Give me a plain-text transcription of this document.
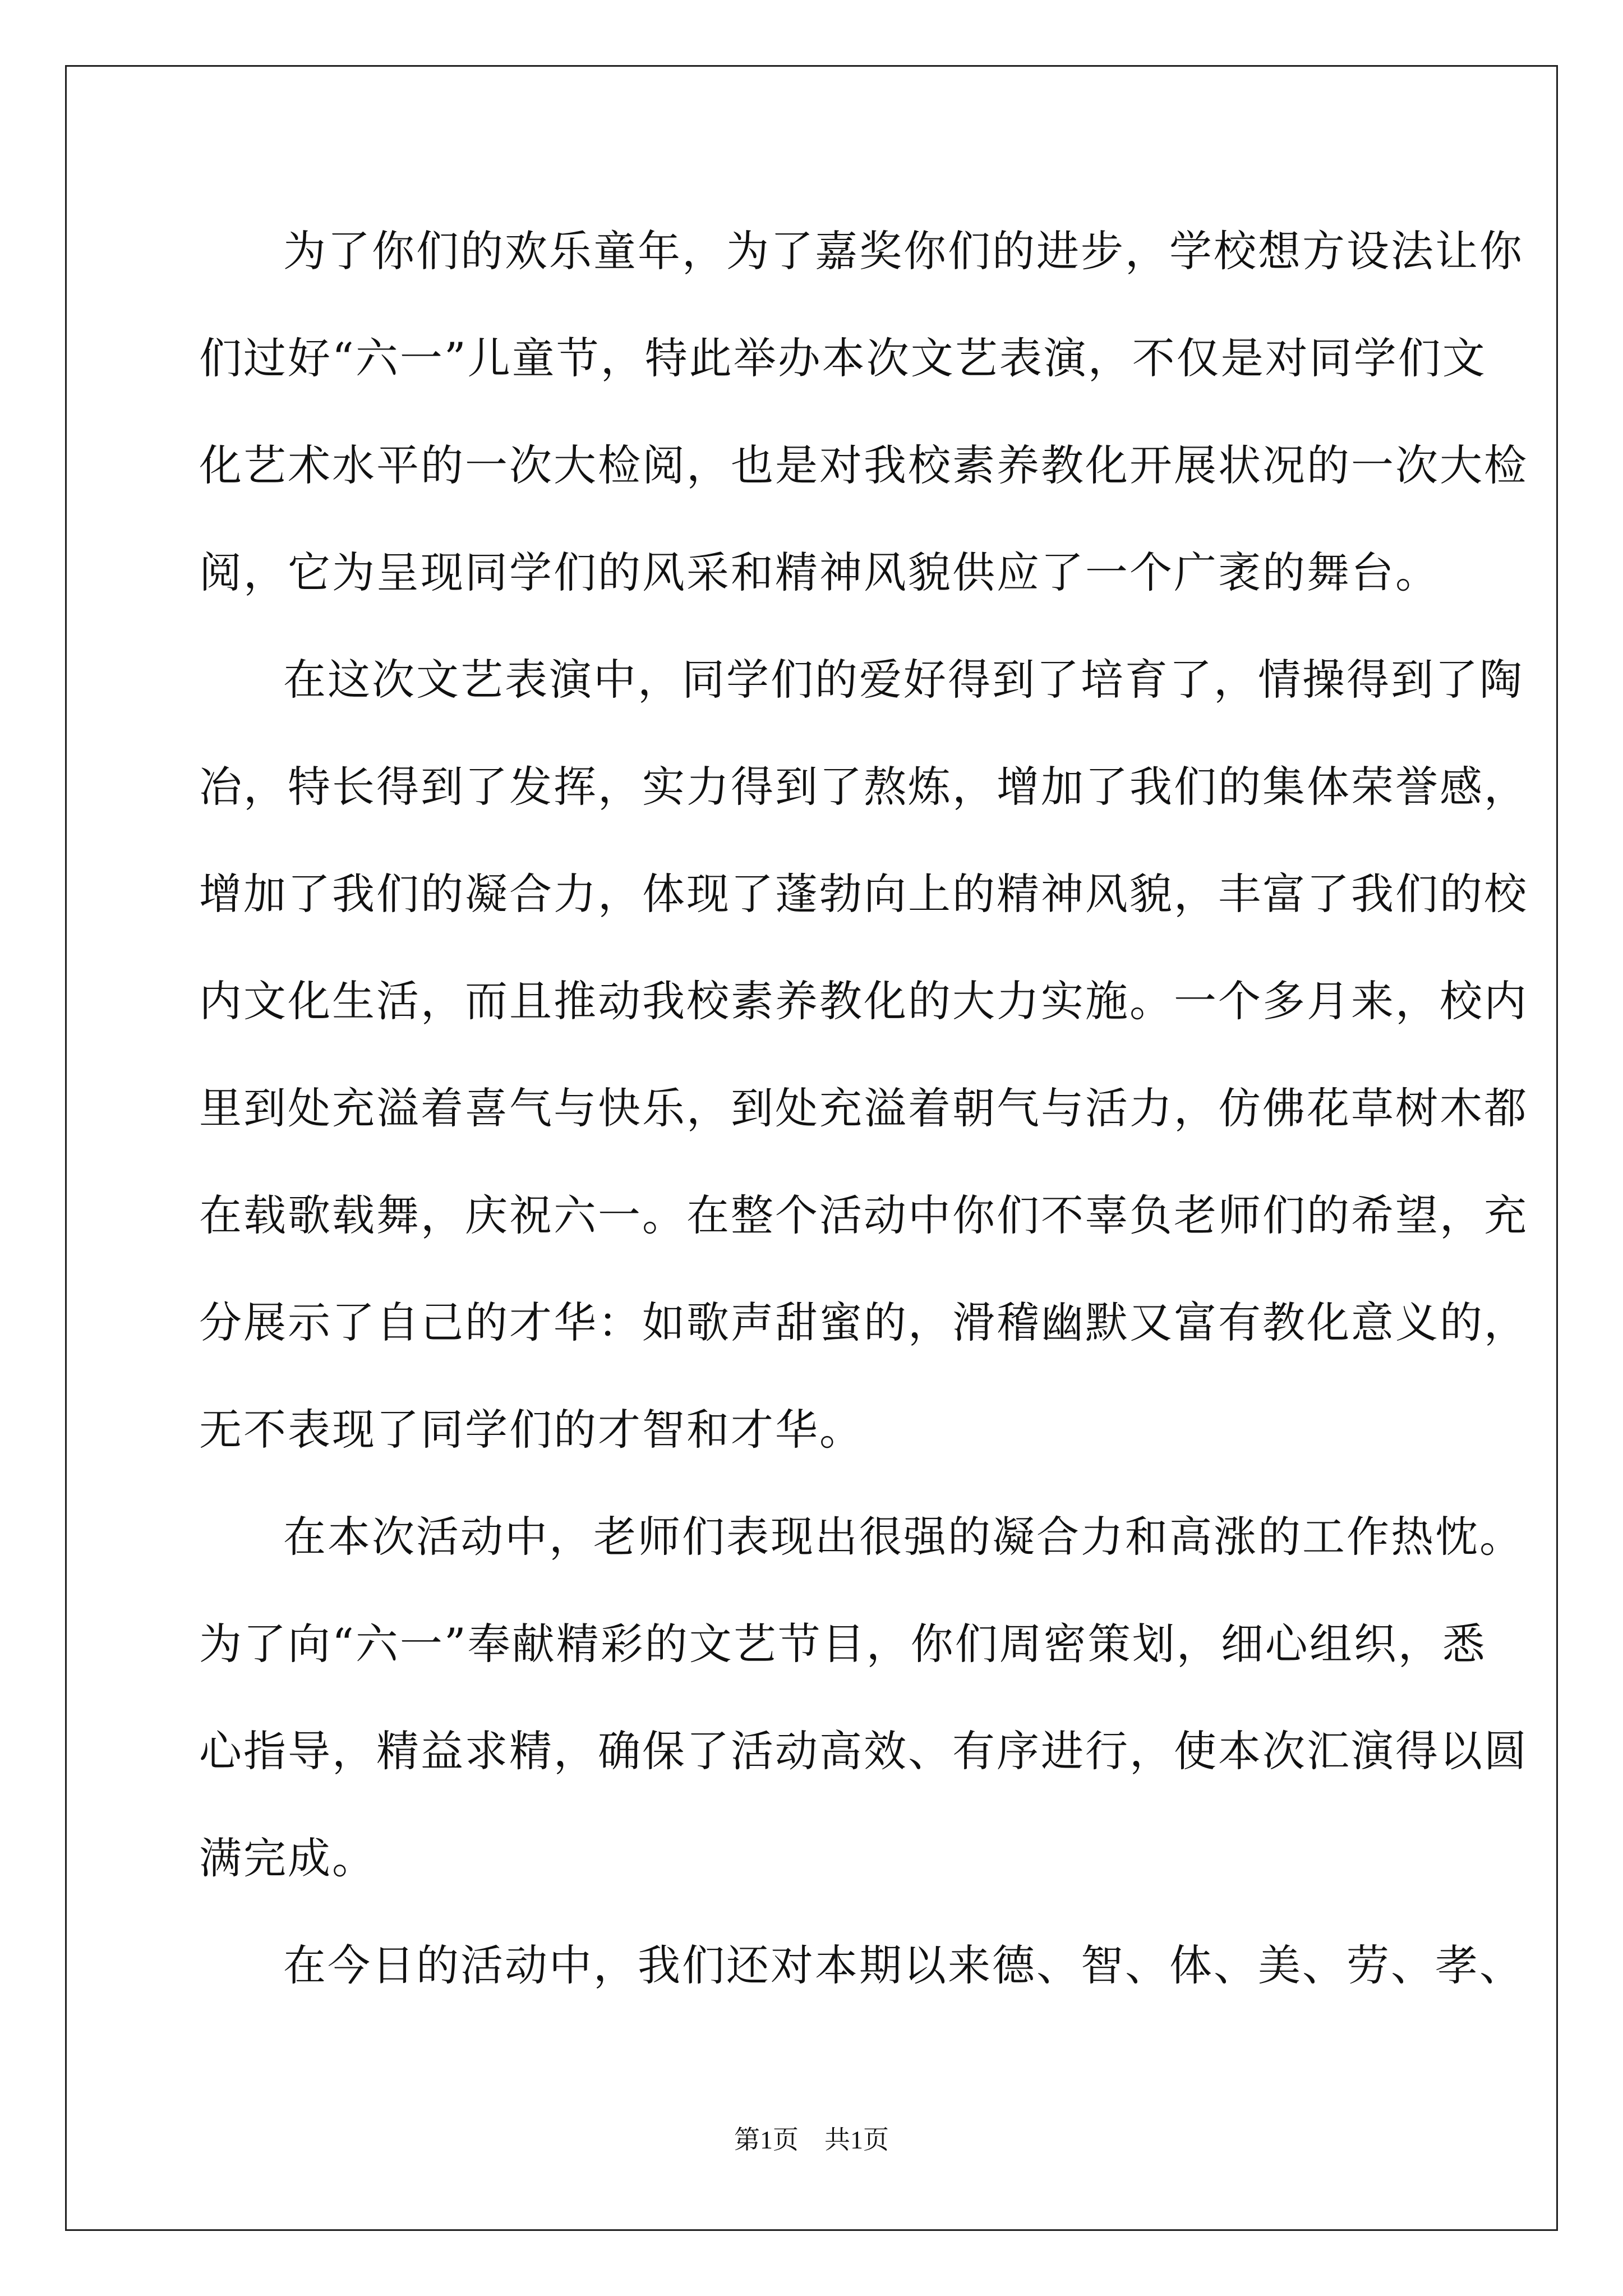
为了你们的欢乐童年，为了嘉奖你们的进步，学校想方设法让你
们过好“六一”儿童节，特此举办本次文艺表演，不仅是对同学们文
化艺术水平的一次大检阅，也是对我校素养教化开展状况的一次大检
阅，它为呈现同学们的风采和精神风貌供应了一个广袤的舞台。
在这次文艺表演中，同学们的爱好得到了培育了，情操得到了陶
冶，特长得到了发挥，实力得到了熬炼，增加了我们的集体荣誉感，
增加了我们的凝合力，体现了蓬勃向上的精神风貌，丰富了我们的校
内文化生活，而且推动我校素养教化的大力实施。一个多月来，校内
里到处充溢着喜气与快乐，到处充溢着朝气与活力，仿佛花草树木都
在载歌载舞，庆祝六一。在整个活动中你们不辜负老师们的希望，充
分展示了自己的才华：如歌声甜蜜的，滑稽幽默又富有教化意义的，
无不表现了同学们的才智和才华。
在本次活动中，老师们表现出很强的凝合力和高涨的工作热忱。
为了向“六一”奉献精彩的文艺节目，你们周密策划，细心组织，悉
心指导，精益求精，确保了活动高效、有序进行，使本次汇演得以圆
满完成。
在今日的活动中，我们还对本期以来德、智、体、美、劳、孝、
第1页 共1页
